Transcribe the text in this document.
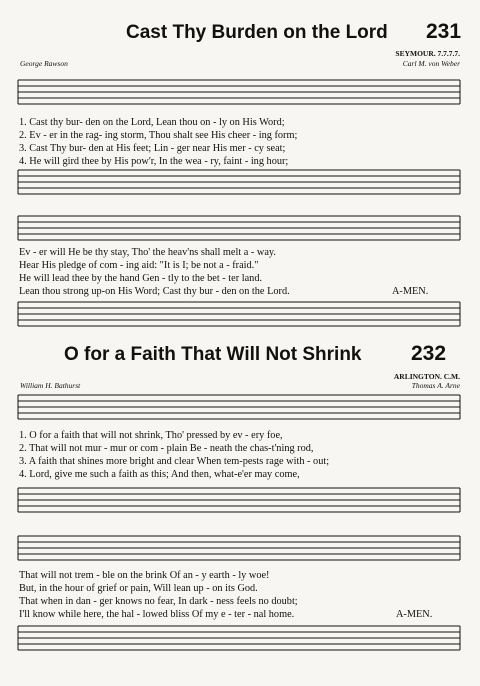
Cast Thy Burden on the Lord 231
SEYMOUR. 7.7.7.7.
George Rawson	Carl M. von Weber
1. Cast thy bur- den on the Lord, Lean thou on - ly on His Word;
2. Ev - er in the rag- ing storm, Thou shalt see His cheer - ing form;
3. Cast Thy bur- den at His feet; Lin - ger near His mer - cy seat;
4. He will gird thee by His pow'r, In the wea - ry, faint - ing hour;
Ev - er will He be thy stay, Tho' the heav'ns shall melt a - way.
Hear His pledge of com - ing aid: "It is I; be not a - fraid."
He will lead thee by the hand Gen - tly to the bet - ter land.
Lean thou strong up-on His Word; Cast thy bur - den on the Lord.	A-MEN.
O for a Faith That Will Not Shrink 232
ARLINGTON. C.M.
William H. Bathurst	Thomas A. Arne
1. O for a faith that will not shrink, Tho' pressed by ev - ery foe,
2. That will not mur - mur or com - plain Be - neath the chas-t'ning rod,
3. A faith that shines more bright and clear When tem-pests rage with - out;
4. Lord, give me such a faith as this; And then, what-e'er may come,
That will not trem - ble on the brink Of an - y earth - ly woe!
But, in the hour of grief or pain, Will lean up - on its God.
That when in dan - ger knows no fear, In dark - ness feels no doubt;
I'll know while here, the hal - lowed bliss Of my e - ter - nal home.	A-MEN.
